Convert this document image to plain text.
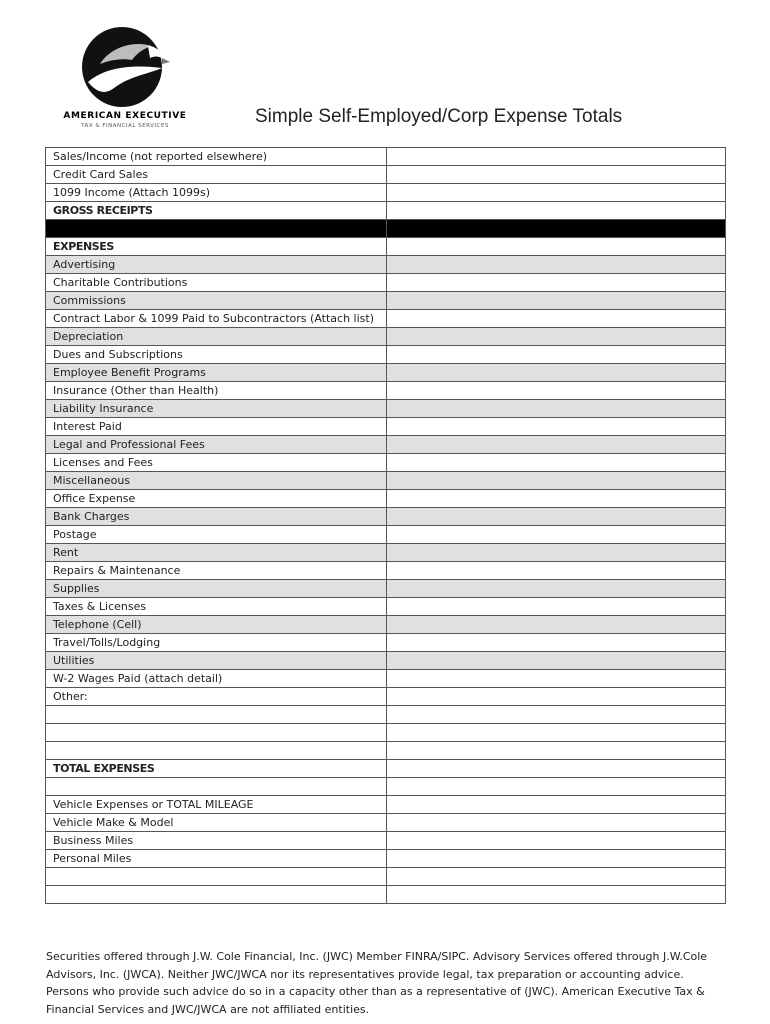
AMERICAN EXECUTIVE
TAX & FINANCIAL SERVICES	Simple Self-Employed/Corp Expense Totals
Sales/Income (not reported elsewhere)	
Credit Card Sales	
1099 Income (Attach 1099s)	
GROSS RECEIPTS	

EXPENSES	
Advertising	
Charitable Contributions	
Commissions	
Contract Labor & 1099 Paid to Subcontractors (Attach list)	
Depreciation	
Dues and Subscriptions	
Employee Benefit Programs	
Insurance (Other than Health)	
Liability Insurance	
Interest Paid	
Legal and Professional Fees	
Licenses and Fees	
Miscellaneous	
Office Expense	
Bank Charges	
Postage	
Rent	
Repairs & Maintenance	
Supplies	
Taxes & Licenses	
Telephone (Cell)	
Travel/Tolls/Lodging	
Utilities	
W-2 Wages Paid (attach detail)	
Other:	

TOTAL EXPENSES	

Vehicle Expenses or TOTAL MILEAGE	
Vehicle Make & Model	
Business Miles	
Personal Miles	

Securities offered through J.W. Cole Financial, Inc. (JWC) Member FINRA/SIPC. Advisory Services offered through J.W.Cole Advisors, Inc. (JWCA). Neither JWC/JWCA nor its representatives provide legal, tax preparation or accounting advice. Persons who provide such advice do so in a capacity other than as a representative of (JWC). American Executive Tax & Financial Services and JWC/JWCA are not affiliated entities.
